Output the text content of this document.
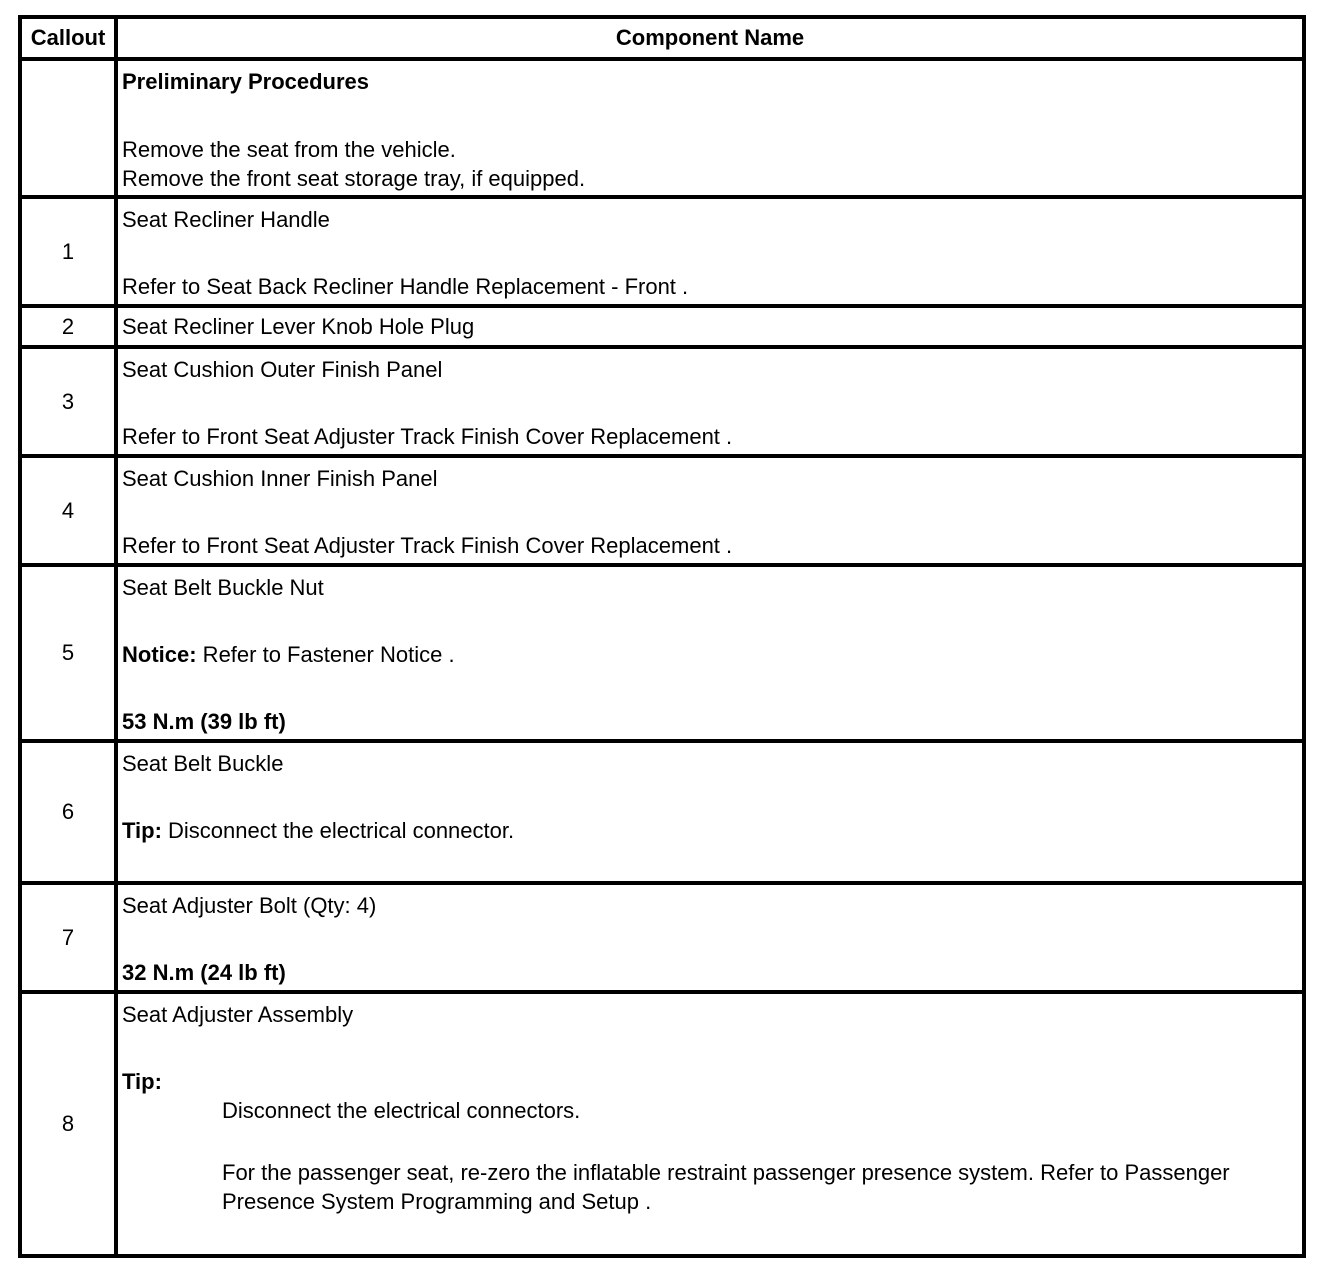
Callout	Component Name

	Preliminary Procedures
Remove the seat from the vehicle.
Remove the front seat storage tray, if equipped.

1	Seat Recliner Handle
Refer to Seat Back Recliner Handle Replacement - Front .

2	Seat Recliner Lever Knob Hole Plug

3	Seat Cushion Outer Finish Panel
Refer to Front Seat Adjuster Track Finish Cover Replacement .

4	Seat Cushion Inner Finish Panel
Refer to Front Seat Adjuster Track Finish Cover Replacement .

5	Seat Belt Buckle Nut
Notice: Refer to Fastener Notice .
53 N.m (39 lb ft)

6	Seat Belt Buckle
Tip: Disconnect the electrical connector.

7	Seat Adjuster Bolt (Qty: 4)
32 N.m (24 lb ft)

8	Seat Adjuster Assembly
Tip:
Disconnect the electrical connectors.
For the passenger seat, re-zero the inflatable restraint passenger presence system. Refer to Passenger Presence System Programming and Setup .
